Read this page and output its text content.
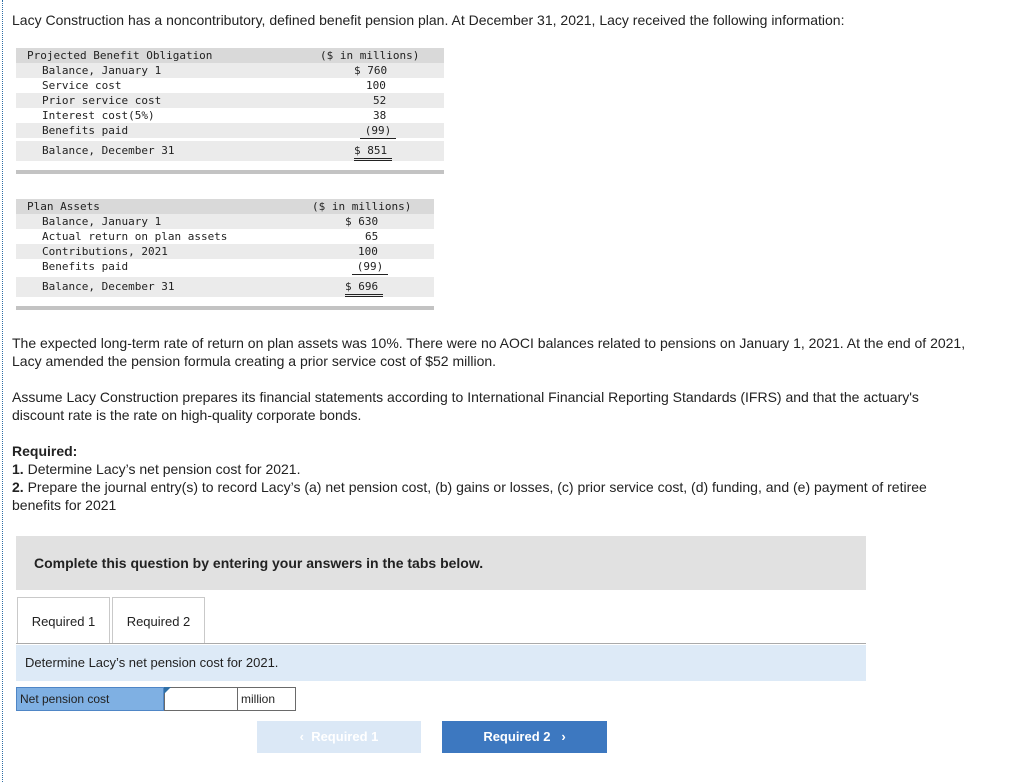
Lacy Construction has a noncontributory, defined benefit pension plan. At December 31, 2021, Lacy received the following information:
Projected Benefit Obligation	($ in millions)
Balance, January 1	$ 760
Service cost	100
Prior service cost	52
Interest cost(5%)	38
Benefits paid	(99)
Balance, December 31	$ 851
Plan Assets	($ in millions)
Balance, January 1	$ 630
Actual return on plan assets	65
Contributions, 2021	100
Benefits paid	(99)
Balance, December 31	$ 696
The expected long-term rate of return on plan assets was 10%. There were no AOCI balances related to pensions on January 1, 2021. At the end of 2021, Lacy amended the pension formula creating a prior service cost of $52 million.
Assume Lacy Construction prepares its financial statements according to International Financial Reporting Standards (IFRS) and that the actuary's discount rate is the rate on high-quality corporate bonds.
Required:
1. Determine Lacy’s net pension cost for 2021.
2. Prepare the journal entry(s) to record Lacy’s (a) net pension cost, (b) gains or losses, (c) prior service cost, (d) funding, and (e) payment of retiree benefits for 2021
Complete this question by entering your answers in the tabs below.
Required 1	Required 2
Determine Lacy’s net pension cost for 2021.
Net pension cost	million
‹ Required 1	Required 2 ›
